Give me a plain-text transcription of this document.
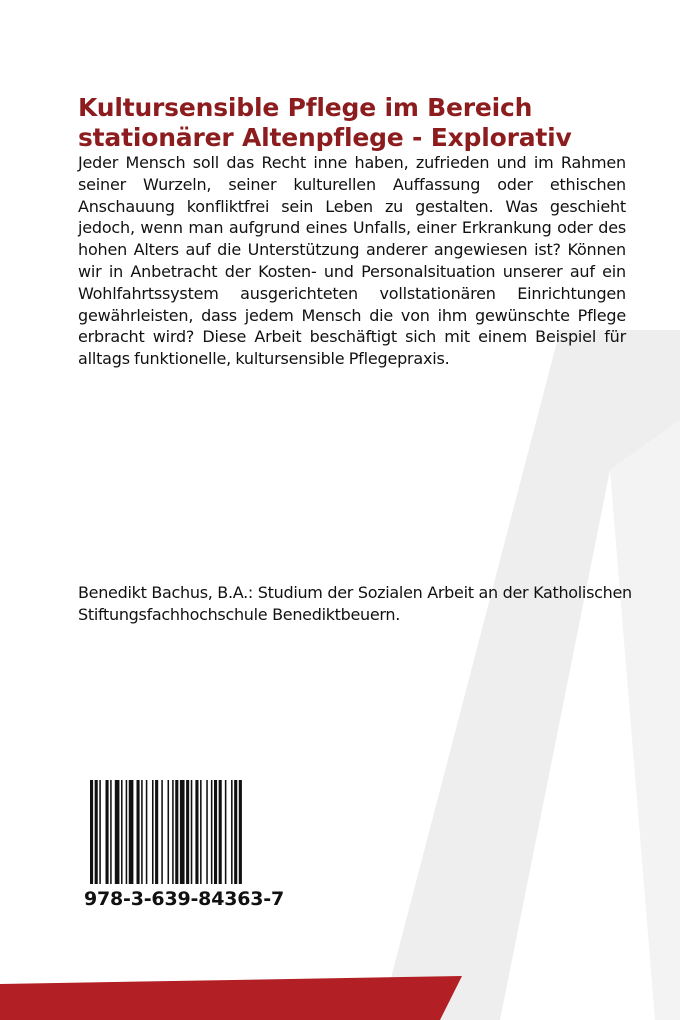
Kultursensible Pflege im Bereich
stationärer Altenpflege - Explorativ

Jeder Mensch soll das Recht inne haben, zufrieden und im Rahmen seiner Wurzeln, seiner kulturellen Auffassung oder ethischen Anschauung konfliktfrei sein Leben zu gestalten. Was geschieht jedoch, wenn man aufgrund eines Unfalls, einer Erkrankung oder des hohen Alters auf die Unterstützung anderer angewiesen ist? Können wir in Anbetracht der Kosten- und Personalsituation unserer auf ein Wohlfahrtssystem ausgerichteten vollstationären Einrichtungen gewährleisten, dass jedem Mensch die von ihm gewünschte Pflege erbracht wird? Diese Arbeit beschäftigt sich mit einem Beispiel für alltags funktionelle, kultursensible Pflegepraxis.

Benedikt Bachus, B.A.: Studium der Sozialen Arbeit an der Katholischen Stiftungsfachhochschule Benediktbeuern.

978-3-639-84363-7
